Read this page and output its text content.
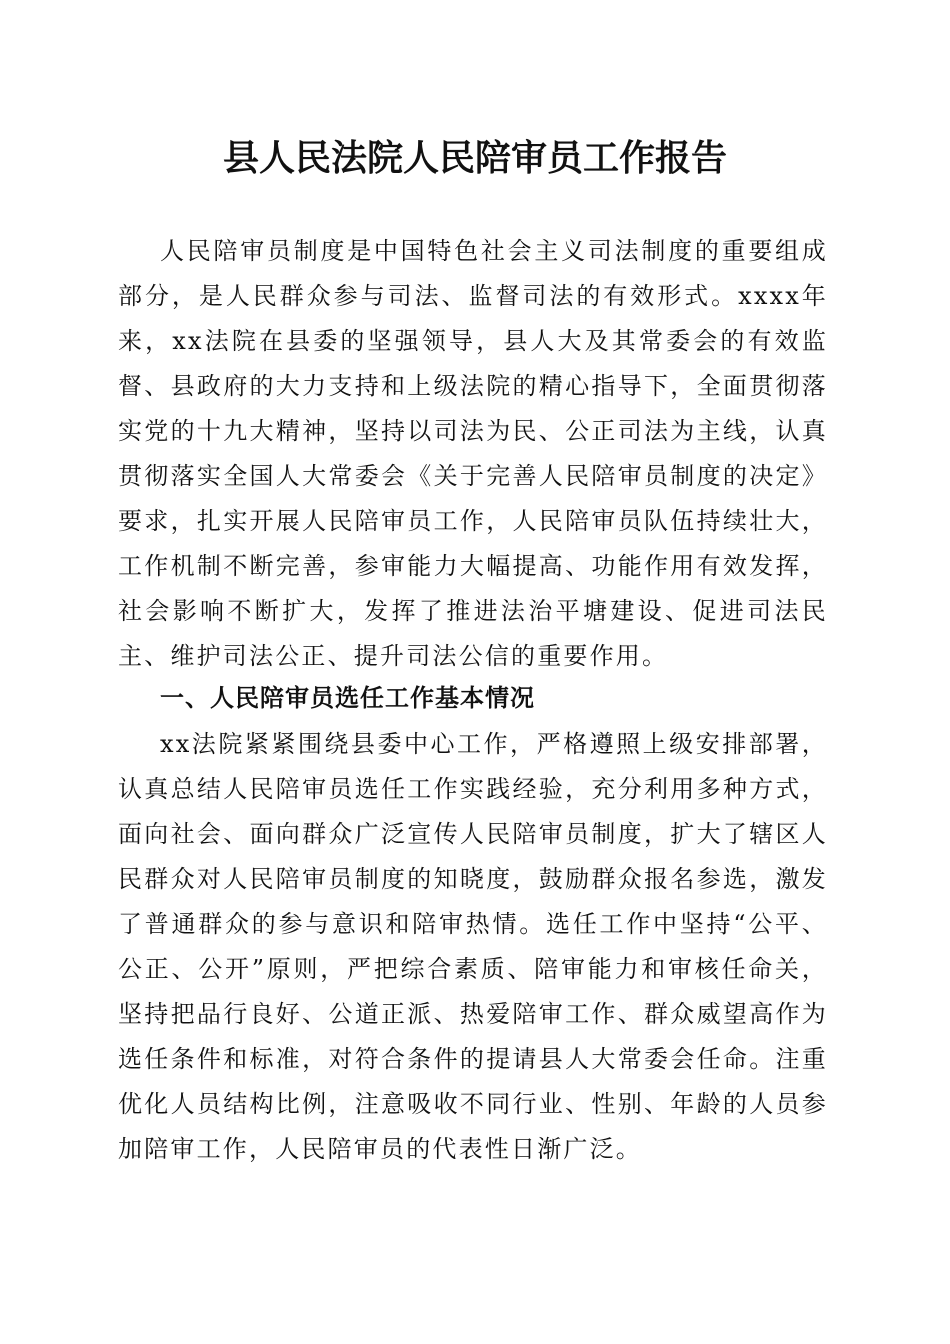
县人民法院人民陪审员工作报告

人民陪审员制度是中国特色社会主义司法制度的重要组成部分，是人民群众参与司法、监督司法的有效形式。xxxx年来，xx法院在县委的坚强领导，县人大及其常委会的有效监督、县政府的大力支持和上级法院的精心指导下，全面贯彻落实党的十九大精神，坚持以司法为民、公正司法为主线，认真贯彻落实全国人大常委会《关于完善人民陪审员制度的决定》要求，扎实开展人民陪审员工作，人民陪审员队伍持续壮大，工作机制不断完善，参审能力大幅提高、功能作用有效发挥，社会影响不断扩大，发挥了推进法治平塘建设、促进司法民主、维护司法公正、提升司法公信的重要作用。

一、人民陪审员选任工作基本情况

xx法院紧紧围绕县委中心工作，严格遵照上级安排部署，认真总结人民陪审员选任工作实践经验，充分利用多种方式，面向社会、面向群众广泛宣传人民陪审员制度，扩大了辖区人民群众对人民陪审员制度的知晓度，鼓励群众报名参选，激发了普通群众的参与意识和陪审热情。选任工作中坚持“公平、公正、公开”原则，严把综合素质、陪审能力和审核任命关，坚持把品行良好、公道正派、热爱陪审工作、群众威望高作为选任条件和标准，对符合条件的提请县人大常委会任命。注重优化人员结构比例，注意吸收不同行业、性别、年龄的人员参加陪审工作，人民陪审员的代表性日渐广泛。
